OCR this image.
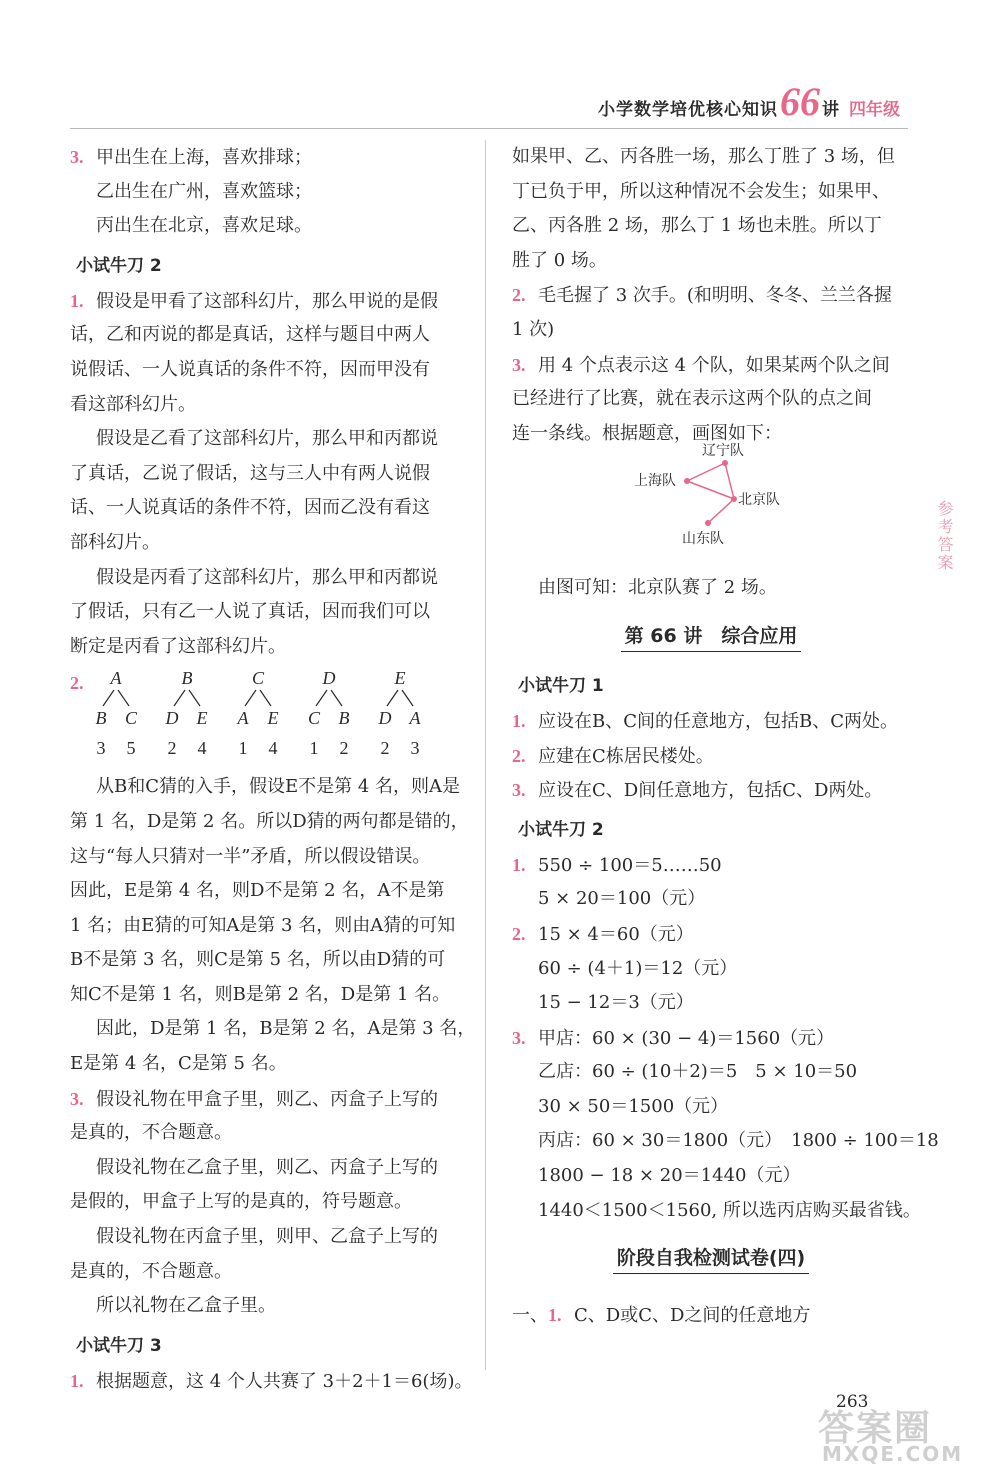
小学数学培优核心知识 66 讲 四年级
3. 甲出生在上海，喜欢排球；
乙出生在广州，喜欢篮球；
丙出生在北京，喜欢足球。
小试牛刀 2
1. 假设是甲看了这部科幻片，那么甲说的是假
话，乙和丙说的都是真话，这样与题目中两人
说假话、一人说真话的条件不符，因而甲没有
看这部科幻片。
假设是乙看了这部科幻片，那么甲和丙都说
了真话，乙说了假话，这与三人中有两人说假
话、一人说真话的条件不符，因而乙没有看这
部科幻片。
假设是丙看了这部科幻片，那么甲和丙都说
了假话，只有乙一人说了真话，因而我们可以
断定是丙看了这部科幻片。
2.	A
B C
3 5
B
D E
2 4
C
A E
1 4
D
C B
1 2
E
D A
2 3
从B和C猜的入手，假设E不是第 4 名，则A是
第 1 名，D是第 2 名。所以D猜的两句都是错的，
这与“每人只猜对一半”矛盾，所以假设错误。
因此，E是第 4 名，则D不是第 2 名，A不是第
1 名；由E猜的可知A是第 3 名，则由A猜的可知
B不是第 3 名，则C是第 5 名，所以由D猜的可
知C不是第 1 名，则B是第 2 名，D是第 1 名。
因此，D是第 1 名，B是第 2 名，A是第 3 名，
E是第 4 名，C是第 5 名。
3. 假设礼物在甲盒子里，则乙、丙盒子上写的
是真的，不合题意。
假设礼物在乙盒子里，则乙、丙盒子上写的
是假的，甲盒子上写的是真的，符号题意。
假设礼物在丙盒子里，则甲、乙盒子上写的
是真的，不合题意。
所以礼物在乙盒子里。
小试牛刀 3
1. 根据题意，这 4 个人共赛了 3＋2＋1＝6(场)。
如果甲、乙、丙各胜一场，那么丁胜了 3 场，但
丁已负于甲，所以这种情况不会发生；如果甲、
乙、丙各胜 2 场，那么丁 1 场也未胜。所以丁
胜了 0 场。
2. 毛毛握了 3 次手。(和明明、冬冬、兰兰各握
1 次)
3. 用 4 个点表示这 4 个队，如果某两个队之间
已经进行了比赛，就在表示这两个队的点之间
连一条线。根据题意，画图如下：
辽宁队
上海队
北京队
山东队
由图可知：北京队赛了 2 场。
第 66 讲　综合应用
小试牛刀 1
1. 应设在B、C间的任意地方，包括B、C两处。
2. 应建在C栋居民楼处。
3. 应设在C、D间任意地方，包括C、D两处。
小试牛刀 2
1. 550 ÷ 100＝5……50
5 × 20＝100（元）
2. 15 × 4＝60（元）
60 ÷ (4＋1)＝12（元）
15 − 12＝3（元）
3. 甲店：60 × (30 − 4)＝1560（元）
乙店：60 ÷ (10＋2)＝5　5 × 10＝50
30 × 50＝1500（元）
丙店：60 × 30＝1800（元）　1800 ÷ 100＝18
1800 − 18 × 20＝1440（元）
1440＜1500＜1560, 所以选丙店购买最省钱。
阶段自我检测试卷(四)
一、1. C、D或C、D之间的任意地方
参考答案
263
答案圈
MXQE.COM
